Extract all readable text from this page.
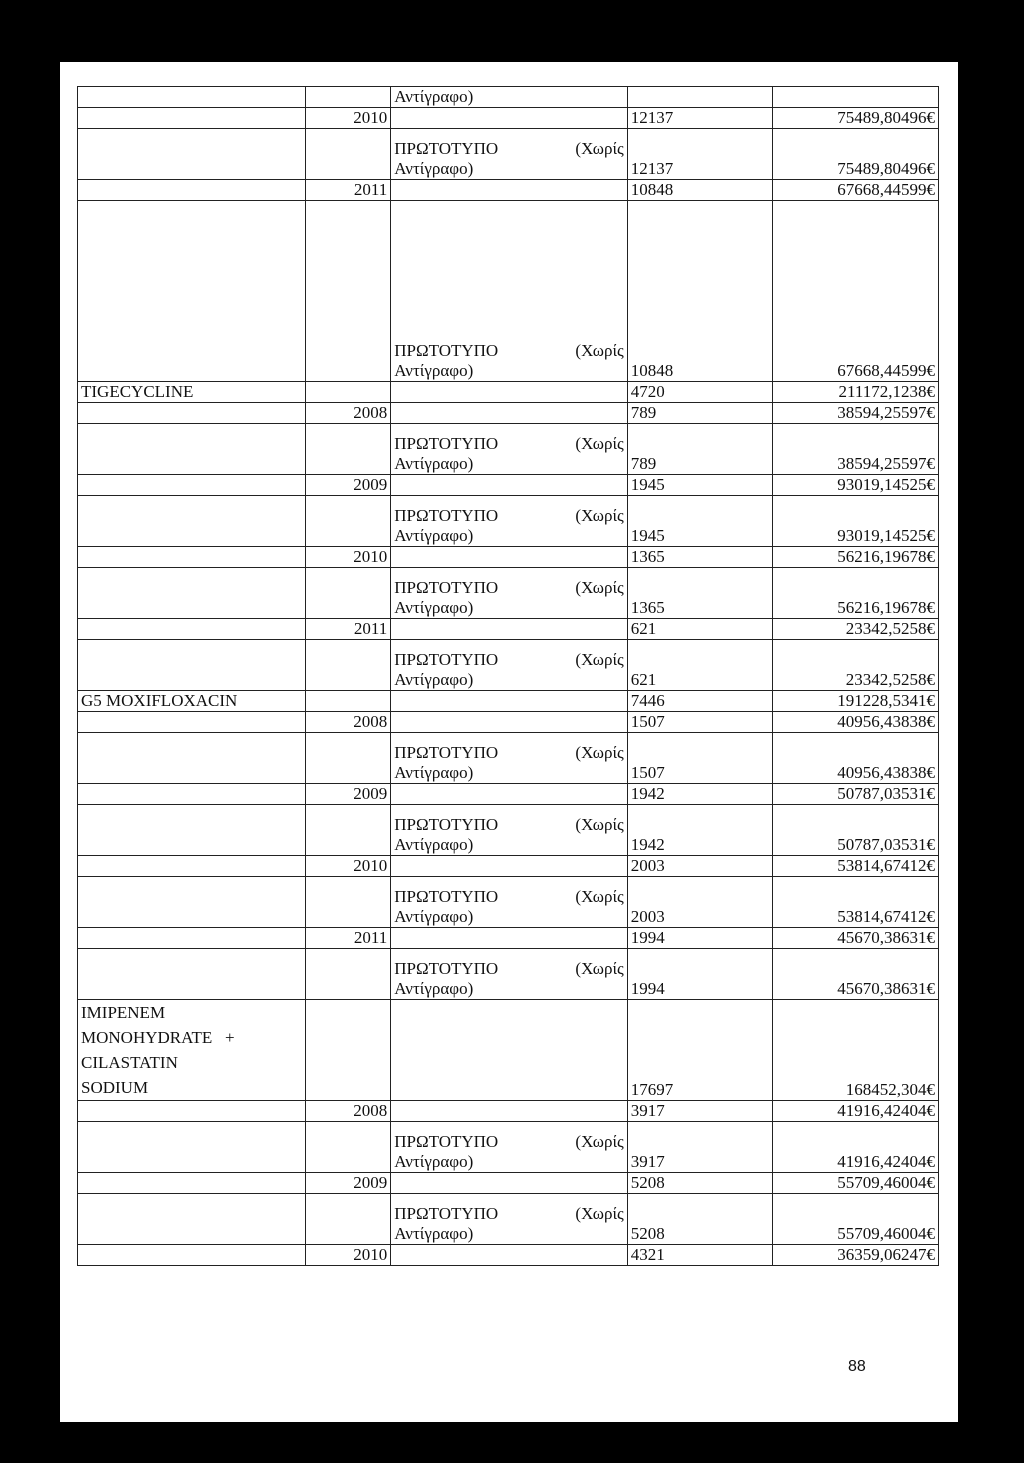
		Αντίγραφο)		
	2010		12137	75489,80496€

		ΠΡΩΤΟΤΥΠΟ (Χωρίς
Αντίγραφο)	12137	75489,80496€
	2011		10848	67668,44599€

		ΠΡΩΤΟΤΥΠΟ (Χωρίς
Αντίγραφο)	10848	67668,44599€
TIGECYCLINE			4720	211172,1238€
	2008		789	38594,25597€

		ΠΡΩΤΟΤΥΠΟ (Χωρίς
Αντίγραφο)	789	38594,25597€
	2009		1945	93019,14525€

		ΠΡΩΤΟΤΥΠΟ (Χωρίς
Αντίγραφο)	1945	93019,14525€
	2010		1365	56216,19678€

		ΠΡΩΤΟΤΥΠΟ (Χωρίς
Αντίγραφο)	1365	56216,19678€
	2011		621	23342,5258€

		ΠΡΩΤΟΤΥΠΟ (Χωρίς
Αντίγραφο)	621	23342,5258€
G5 MOXIFLOXACIN			7446	191228,5341€
	2008		1507	40956,43838€

		ΠΡΩΤΟΤΥΠΟ (Χωρίς
Αντίγραφο)	1507	40956,43838€
	2009		1942	50787,03531€

		ΠΡΩΤΟΤΥΠΟ (Χωρίς
Αντίγραφο)	1942	50787,03531€
	2010		2003	53814,67412€

		ΠΡΩΤΟΤΥΠΟ (Χωρίς
Αντίγραφο)	2003	53814,67412€
	2011		1994	45670,38631€

		ΠΡΩΤΟΤΥΠΟ (Χωρίς
Αντίγραφο)	1994	45670,38631€

IMIPENEM
MONOHYDRATE   +
CILASTATIN
SODIUM			17697	168452,304€
	2008		3917	41916,42404€

		ΠΡΩΤΟΤΥΠΟ (Χωρίς
Αντίγραφο)	3917	41916,42404€
	2009		5208	55709,46004€

		ΠΡΩΤΟΤΥΠΟ (Χωρίς
Αντίγραφο)	5208	55709,46004€
	2010		4321	36359,06247€
88
